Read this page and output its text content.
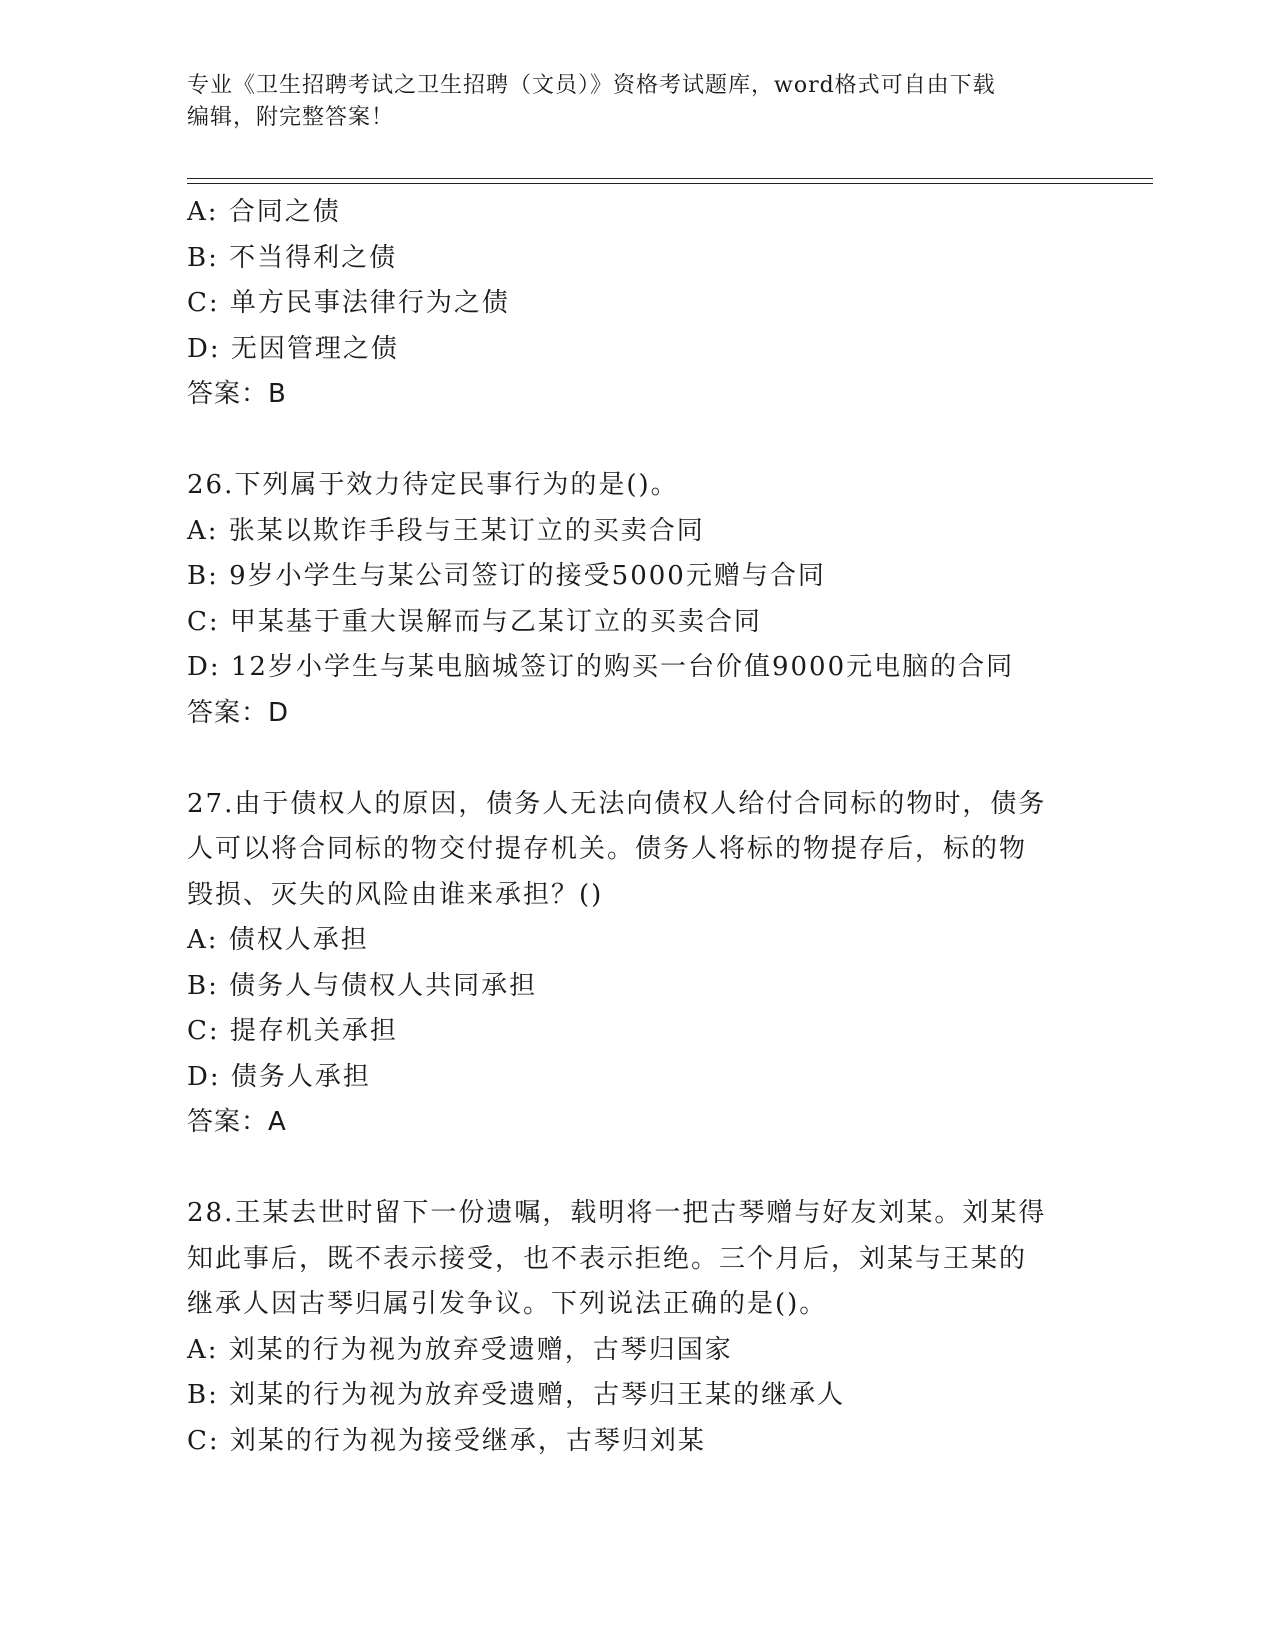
专业《卫生招聘考试之卫生招聘（文员）》资格考试题库，word格式可自由下载
编辑，附完整答案！
A: 合同之债
B: 不当得利之债
C: 单方民事法律行为之债
D: 无因管理之债
答案：B
26.下列属于效力待定民事行为的是()。
A: 张某以欺诈手段与王某订立的买卖合同
B: 9岁小学生与某公司签订的接受5000元赠与合同
C: 甲某基于重大误解而与乙某订立的买卖合同
D: 12岁小学生与某电脑城签订的购买一台价值9000元电脑的合同
答案：D
27.由于债权人的原因，债务人无法向债权人给付合同标的物时，债务
人可以将合同标的物交付提存机关。债务人将标的物提存后，标的物
毁损、灭失的风险由谁来承担？()
A: 债权人承担
B: 债务人与债权人共同承担
C: 提存机关承担
D: 债务人承担
答案：A
28.王某去世时留下一份遗嘱，载明将一把古琴赠与好友刘某。刘某得
知此事后，既不表示接受，也不表示拒绝。三个月后，刘某与王某的
继承人因古琴归属引发争议。下列说法正确的是()。
A: 刘某的行为视为放弃受遗赠，古琴归国家
B: 刘某的行为视为放弃受遗赠，古琴归王某的继承人
C: 刘某的行为视为接受继承，古琴归刘某
